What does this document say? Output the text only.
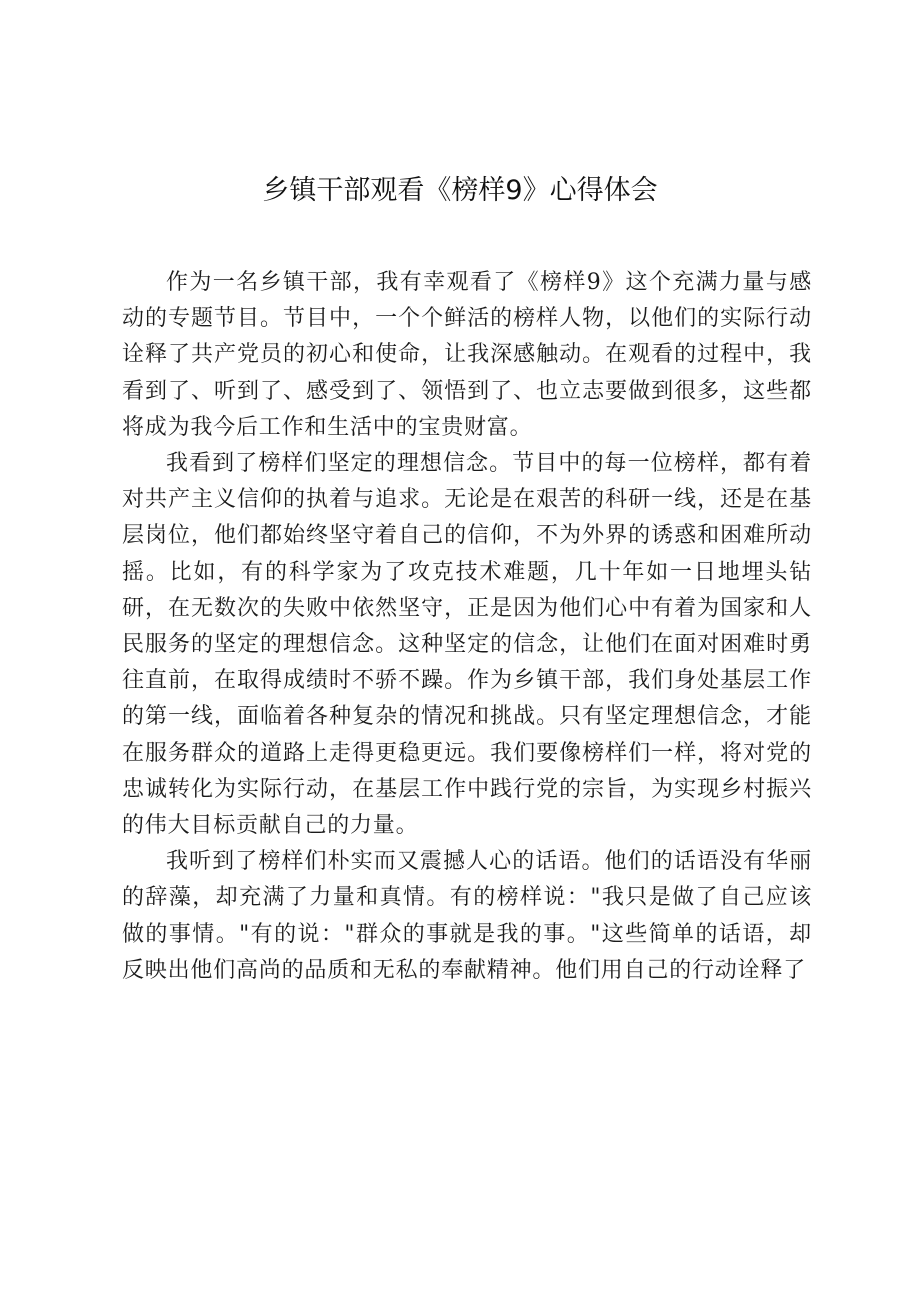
乡镇干部观看《榜样9》心得体会

作为一名乡镇干部，我有幸观看了《榜样9》这个充满力量与感动的专题节目。节目中，一个个鲜活的榜样人物，以他们的实际行动诠释了共产党员的初心和使命，让我深感触动。在观看的过程中，我看到了、听到了、感受到了、领悟到了、也立志要做到很多，这些都将成为我今后工作和生活中的宝贵财富。

我看到了榜样们坚定的理想信念。节目中的每一位榜样，都有着对共产主义信仰的执着与追求。无论是在艰苦的科研一线，还是在基层岗位，他们都始终坚守着自己的信仰，不为外界的诱惑和困难所动摇。比如，有的科学家为了攻克技术难题，几十年如一日地埋头钻研，在无数次的失败中依然坚守，正是因为他们心中有着为国家和人民服务的坚定的理想信念。这种坚定的信念，让他们在面对困难时勇往直前，在取得成绩时不骄不躁。作为乡镇干部，我们身处基层工作的第一线，面临着各种复杂的情况和挑战。只有坚定理想信念，才能在服务群众的道路上走得更稳更远。我们要像榜样们一样，将对党的忠诚转化为实际行动，在基层工作中践行党的宗旨，为实现乡村振兴的伟大目标贡献自己的力量。

我听到了榜样们朴实而又震撼人心的话语。他们的话语没有华丽的辞藻，却充满了力量和真情。有的榜样说："我只是做了自己应该做的事情。"有的说："群众的事就是我的事。"这些简单的话语，却反映出他们高尚的品质和无私的奉献精神。他们用自己的行动诠释了
